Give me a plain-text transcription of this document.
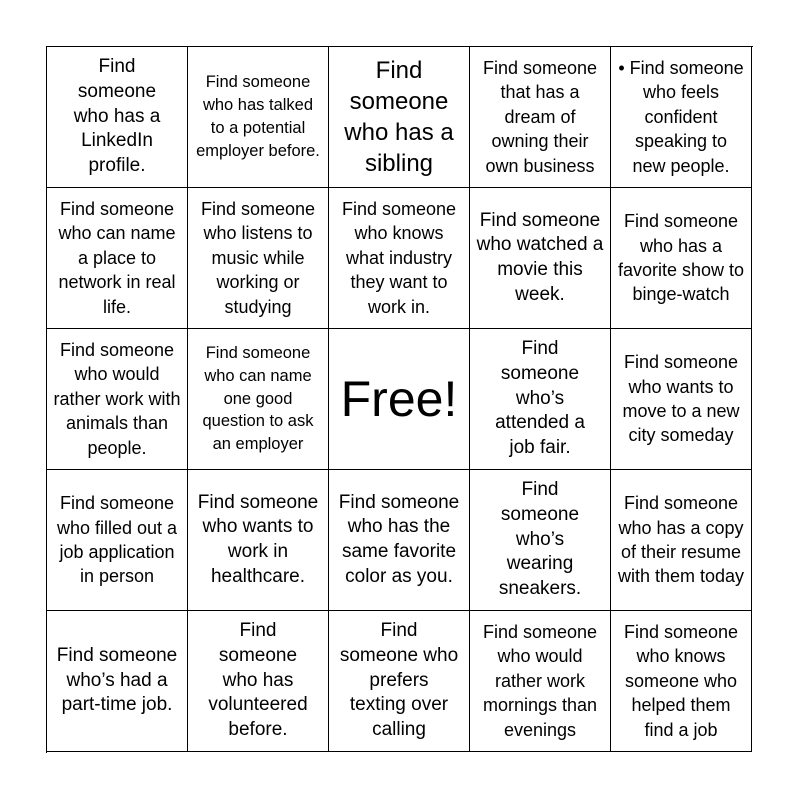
Find someone who has a LinkedIn profile.
Find someone who has talked to a potential employer before.
Find someone who has a sibling
Find someone that has a dream of owning their own business
• Find someone who feels confident speaking to new people.
Find someone who can name a place to network in real life.
Find someone who listens to music while working or studying
Find someone who knows what industry they want to work in.
Find someone who watched a movie this week.
Find someone who has a favorite show to binge-watch
Find someone who would rather work with animals than people.
Find someone who can name one good question to ask an employer
Free!
Find someone who’s attended a job fair.
Find someone who wants to move to a new city someday
Find someone who filled out a job application in person
Find someone who wants to work in healthcare.
Find someone who has the same favorite color as you.
Find someone who’s wearing sneakers.
Find someone who has a copy of their resume with them today
Find someone who’s had a part-time job.
Find someone who has volunteered before.
Find someone who prefers texting over calling
Find someone who would rather work mornings than evenings
Find someone who knows someone who helped them find a job
